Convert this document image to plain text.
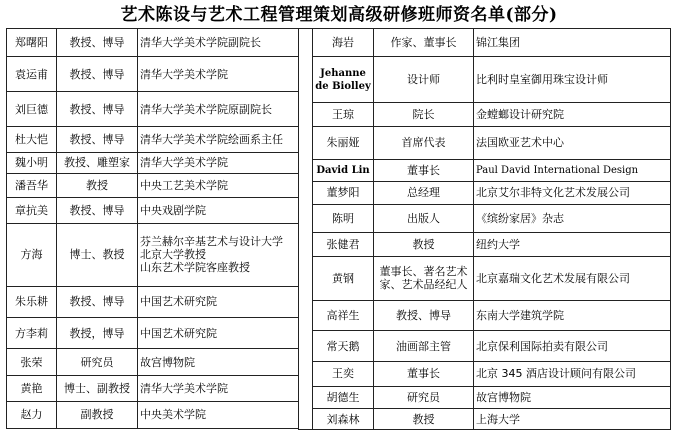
艺术陈设与艺术工程管理策划高级研修班师资名单(部分)
郑曙阳	教授、博导	清华大学美术学院副院长		海岩	作家、董事长	锦江集团
袁运甫	教授、博导	清华大学美术学院		Jehanne de Biolley	设计师	比利时皇室御用珠宝设计师
刘巨德	教授、博导	清华大学美术学院原副院长				

				王琼	院长	金螳螂设计研究院
杜大恺	教授、博导	清华大学美术学院绘画系主任		朱丽娅	首席代表	法国欧亚艺术中心
魏小明	教授、雕塑家	清华大学美术学院				

				David Lin	董事长	Paul David International Design
潘吾华	教授	中央工艺美术学院				

				董梦阳	总经理	北京艾尔非特文化艺术发展公司
章抗美	教授、博导	中央戏剧学院				

				陈明	出版人	《缤纷家居》杂志
方海	博士、教授	芬兰赫尔辛基艺术与设计大学
北京大学教授
山东艺术学院客座教授				

				张健君	教授	纽约大学
				黄钢	董事长、著名艺术家、艺术品经纪人	北京嘉瑞文化艺术发展有限公司
朱乐耕	教授、博导	中国艺术研究院				

				高祥生	教授、博导	东南大学建筑学院
方李莉	教授，博导	中国艺术研究院				

				常天鹅	油画部主管	北京保利国际拍卖有限公司
张荣	研究员	故宫博物院				

				王奕	董事长	北京 345 酒店设计顾问有限公司
黄艳	博士、副教授	清华大学美术学院				

				胡德生	研究员	故宫博物院
赵力	副教授	中央美术学院				

				刘森林	教授	上海大学
